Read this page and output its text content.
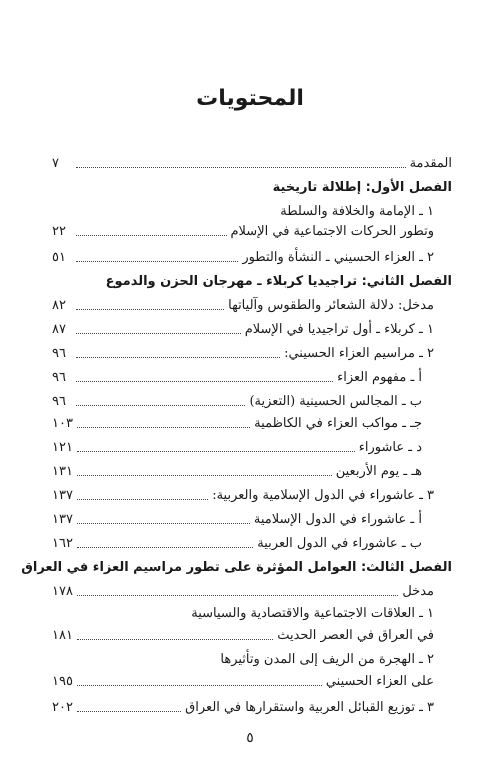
المحتويات
المقدمة
٧
الفصل الأول: إطلالة تاريخية
١ ـ الإمامة والخلافة والسلطة
وتطور الحركات الاجتماعية في الإسلام
٢٢
٢ ـ العزاء الحسيني ـ النشأة والتطور
٥١
الفصل الثاني: تراجيديا كربلاء ـ مهرجان الحزن والدموع
مدخل: دلالة الشعائر والطقوس وآلياتها
٨٢
١ ـ كربلاء ـ أول تراجيديا في الإسلام
٨٧
٢ ـ مراسيم العزاء الحسيني:
٩٦
أ ـ مفهوم العزاء
٩٦
ب ـ المجالس الحسينية (التعزية)
٩٦
جـ ـ مواكب العزاء في الكاظمية
١٠٣
د ـ عاشوراء
١٢١
هـ ـ يوم الأربعين
١٣١
٣ ـ عاشوراء في الدول الإسلامية والعربية:
١٣٧
أ ـ عاشوراء في الدول الإسلامية
١٣٧
ب ـ عاشوراء في الدول العربية
١٦٢
الفصل الثالث: العوامل المؤثرة على تطور مراسيم العزاء في العراق
مدخل
١٧٨
١ ـ العلاقات الاجتماعية والاقتصادية والسياسية
في العراق في العصر الحديث
١٨١
٢ ـ الهجرة من الريف إلى المدن وتأثيرها
على العزاء الحسيني
١٩٥
٣ ـ توزيع القبائل العربية واستقرارها في العراق
٢٠٢
٥
